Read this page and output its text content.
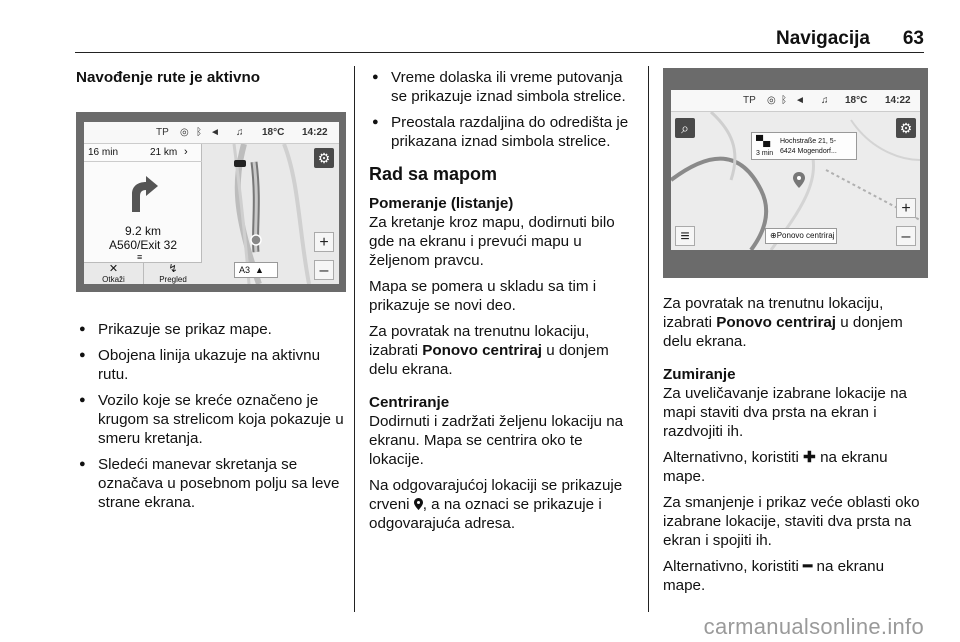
Navigacija 63
Navođenje rute je aktivno
TP ◎ ᛒ ◄ ♫ 18°C 14:22
16 min	21 km ›
9.2 km
A560/Exit 32
≡
✕
Otkaži
↯
Pregled
⚙
+
–
A3  ▲
● Prikazuje se prikaz mape.
● Obojena linija ukazuje na aktivnu rutu.
● Vozilo koje se kreće označeno je krugom sa strelicom koja pokazuje u smeru kretanja.
● Sledeći manevar skretanja se označava u posebnom polju sa leve strane ekrana.
● Vreme dolaska ili vreme putovanja se prikazuje iznad simbola strelice.
● Preostala razdaljina do odredišta je prikazana iznad simbola strelice.
Rad sa mapom
Pomeranje (listanje)
Za kretanje kroz mapu, dodirnuti bilo gde na ekranu i prevući mapu u željenom pravcu.
Mapa se pomera u skladu sa tim i prikazuje se novi deo.
Za povratak na trenutnu lokaciju, izabrati Ponovo centriraj u donjem delu ekrana.
Centriranje
Dodirnuti i zadržati željenu lokaciju na ekranu. Mapa se centrira oko te lokacije.
Na odgovarajućoj lokaciji se prikazuje crveni , a na oznaci se prikazuje i odgovarajuća adresa.
TP ◎ ᛒ ◄ ♫ 18°C 14:22
⌕	⚙
+
–
≡
▀▄
3 min
Hochstraße 21, 5-
6424 Mogendorf...
⊕Ponovo centriraj
Za povratak na trenutnu lokaciju, izabrati Ponovo centriraj u donjem delu ekrana.
Zumiranje
Za uveličavanje izabrane lokacije na mapi staviti dva prsta na ekran i razdvojiti ih.
Alternativno, koristiti ✚ na ekranu mape.
Za smanjenje i prikaz veće oblasti oko izabrane lokacije, staviti dva prsta na ekran i spojiti ih.
Alternativno, koristiti ━ na ekranu mape.
carmanualsonline.info
